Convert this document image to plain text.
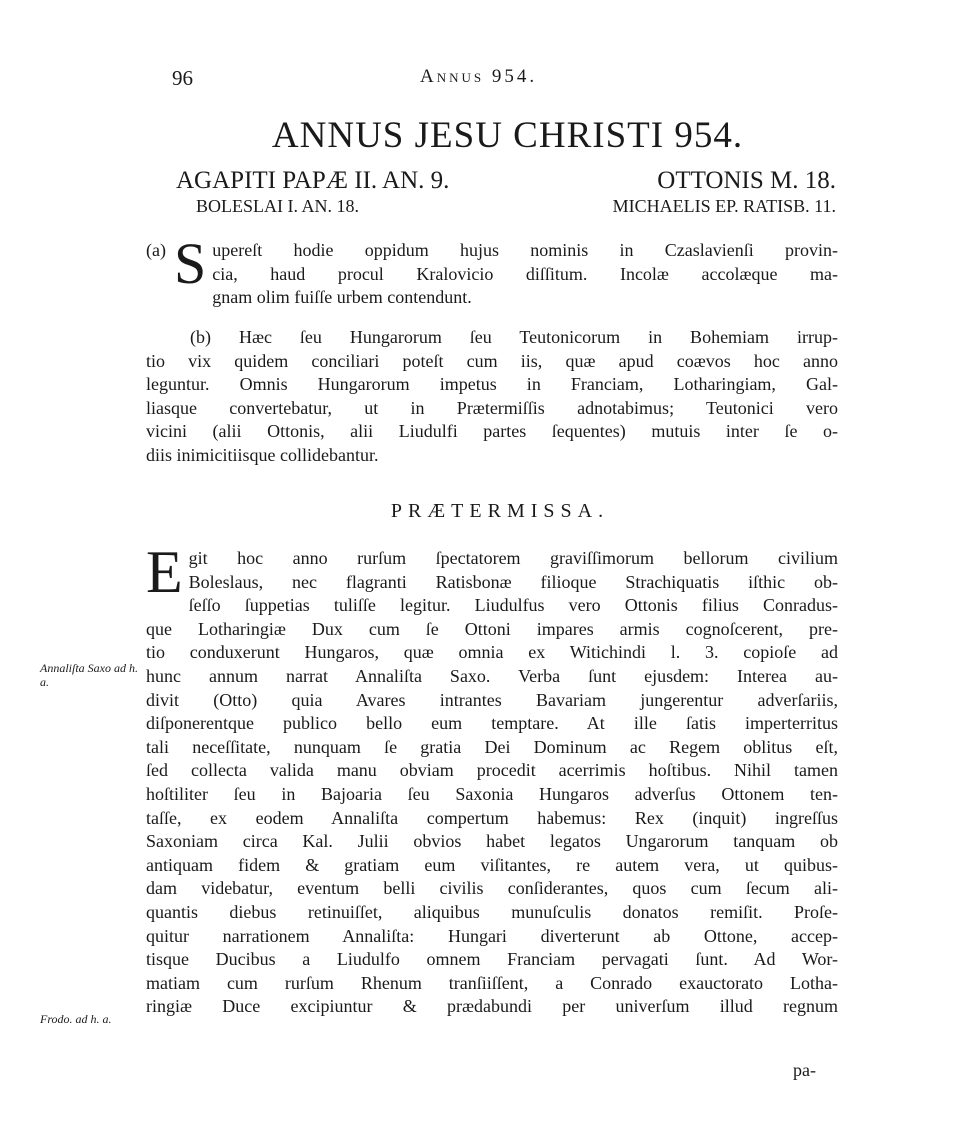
96	Annus 954.
ANNUS JESU CHRISTI 954.
AGAPITI PAPÆ II. AN. 9.	OTTONIS M. 18.
BOLESLAI I. AN. 18.	MICHAELIS EP. RATISB. 11.
(a) S upereſt hodie oppidum hujus nominis in Czaslavienſi provin-
cia, haud procul Kralovicio diſſitum. Incolæ accolæque ma-
gnam olim fuiſſe urbem contendunt.
(b) Hæc ſeu Hungarorum ſeu Teutonicorum in Bohemiam irrup-
tio vix quidem conciliari poteſt cum iis, quæ apud coævos hoc anno
leguntur. Omnis Hungarorum impetus in Franciam, Lotharingiam, Gal-
liasque convertebatur, ut in Prætermiſſis adnotabimus; Teutonici vero
vicini (alii Ottonis, alii Liudulfi partes ſequentes) mutuis inter ſe o-
diis inimicitiisque collidebantur.
PRÆTERMISSA.
E git hoc anno rurſum ſpectatorem graviſſimorum bellorum civilium
Boleslaus, nec flagranti Ratisbonæ filioque Strachiquatis iſthic ob-
ſeſſo ſuppetias tuliſſe legitur. Liudulfus vero Ottonis filius Conradus-
que Lotharingiæ Dux cum ſe Ottoni impares armis cognoſcerent, pre-
tio conduxerunt Hungaros, quæ omnia ex Witichindi l. 3. copioſe ad
hunc annum narrat Annaliſta Saxo. Verba ſunt ejusdem: Interea au-
divit (Otto) quia Avares intrantes Bavariam jungerentur adverſariis,
diſponerentque publico bello eum temptare. At ille ſatis imperterritus
tali neceſſitate, nunquam ſe gratia Dei Dominum ac Regem oblitus eſt,
ſed collecta valida manu obviam procedit acerrimis hoſtibus. Nihil tamen
hoſtiliter ſeu in Bajoaria ſeu Saxonia Hungaros adverſus Ottonem ten-
taſſe, ex eodem Annaliſta compertum habemus: Rex (inquit) ingreſſus
Saxoniam circa Kal. Julii obvios habet legatos Ungarorum tanquam ob
antiquam fidem & gratiam eum viſitantes, re autem vera, ut quibus-
dam videbatur, eventum belli civilis conſiderantes, quos cum ſecum ali-
quantis diebus retinuiſſet, aliquibus munuſculis donatos remiſit. Proſe-
quitur narrationem Annaliſta: Hungari diverterunt ab Ottone, accep-
tisque Ducibus a Liudulfo omnem Franciam pervagati ſunt. Ad Wor-
matiam cum rurſum Rhenum tranſiiſſent, a Conrado exauctorato Lotha-
ringiæ Duce excipiuntur & prædabundi per univerſum illud regnum
Annaliſta Saxo ad h. a.
Frodo. ad h. a.
pa-
